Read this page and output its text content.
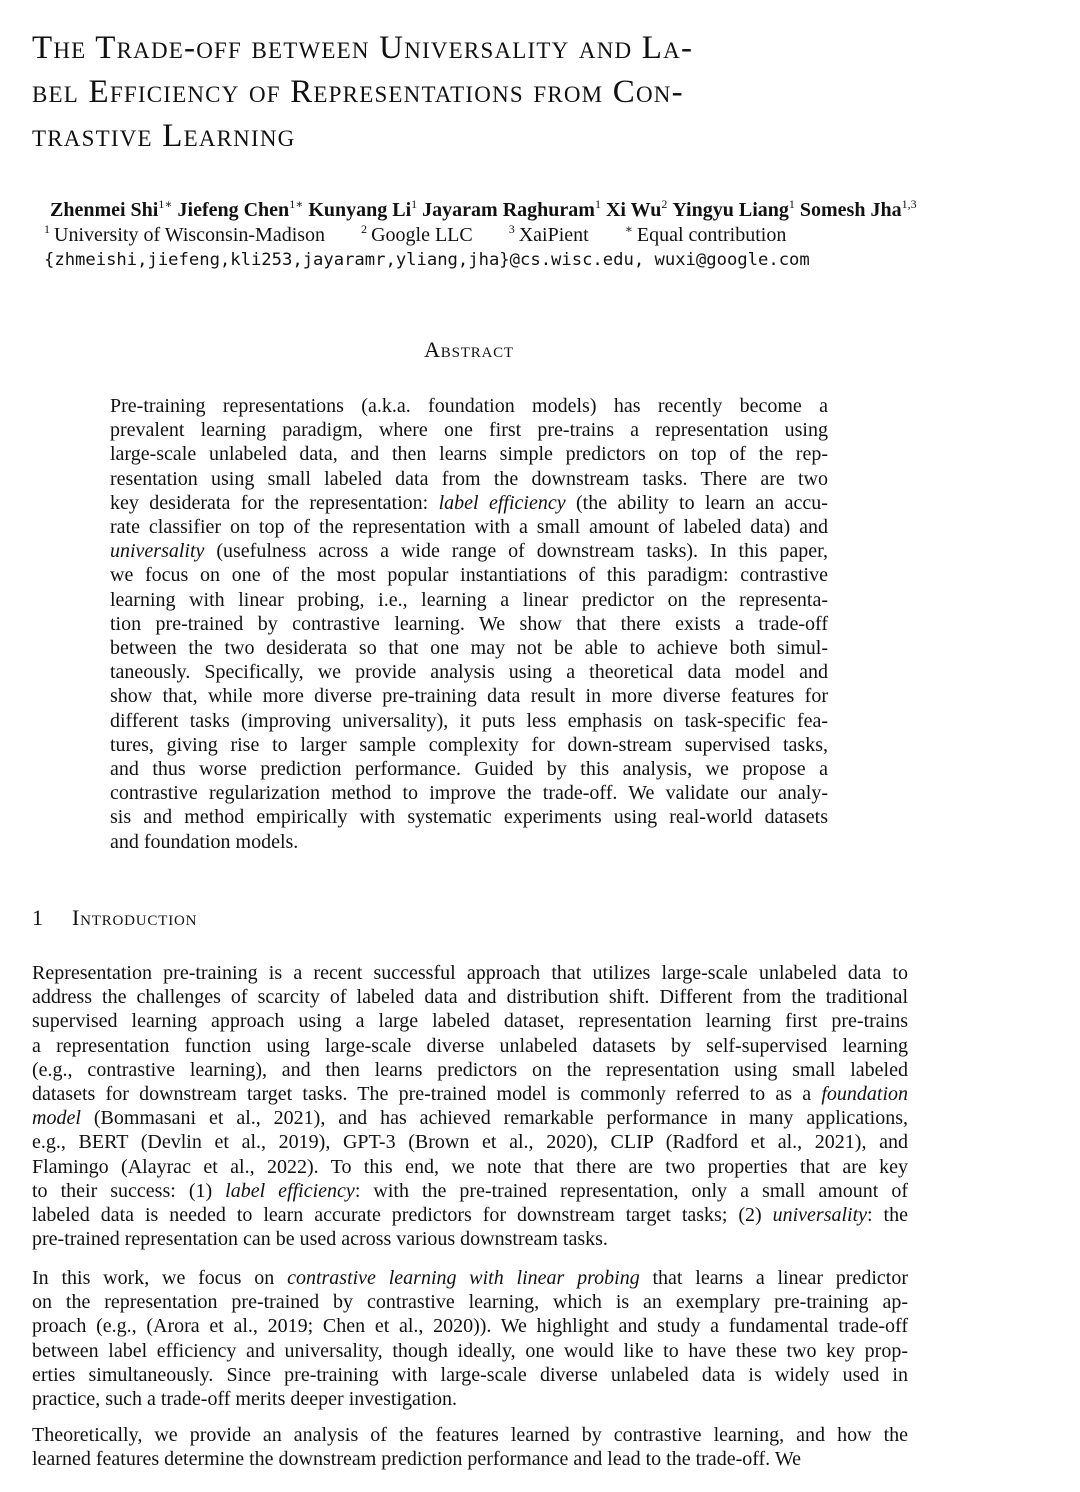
The Trade-off between Universality and La-
bel Efficiency of Representations from Con-
trastive Learning
Zhenmei Shi$^{1∗}$ Jiefeng Chen$^{1∗}$ Kunyang Li$^1$ Jayaram Raghuram$^1$ Xi Wu$^2$ Yingyu Liang$^1$ Somesh Jha$^{1,3}$
$^1$  University of Wisconsin-Madison	$^2$  Google LLC	$^3$  XaiPient	∗  Equal contribution
{zhmeishi,jiefeng,kli253,jayaramr,yliang,jha}@cs.wisc.edu, wuxi@google.com
Abstract
Pre-training representations (a.k.a. foundation models) has recently become a
prevalent learning paradigm, where one first pre-trains a representation using
large-scale unlabeled data, and then learns simple predictors on top of the rep-
resentation using small labeled data from the downstream tasks. There are two
key desiderata for the representation: label efficiency (the ability to learn an accu-
rate classifier on top of the representation with a small amount of labeled data) and
universality (usefulness across a wide range of downstream tasks). In this paper,
we focus on one of the most popular instantiations of this paradigm: contrastive
learning with linear probing, i.e., learning a linear predictor on the representa-
tion pre-trained by contrastive learning. We show that there exists a trade-off
between the two desiderata so that one may not be able to achieve both simul-
taneously. Specifically, we provide analysis using a theoretical data model and
show that, while more diverse pre-training data result in more diverse features for
different tasks (improving universality), it puts less emphasis on task-specific fea-
tures, giving rise to larger sample complexity for down-stream supervised tasks,
and thus worse prediction performance. Guided by this analysis, we propose a
contrastive regularization method to improve the trade-off. We validate our analy-
sis and method empirically with systematic experiments using real-world datasets
and foundation models.
1 Introduction
Representation pre-training is a recent successful approach that utilizes large-scale unlabeled data to
address the challenges of scarcity of labeled data and distribution shift. Different from the traditional
supervised learning approach using a large labeled dataset, representation learning first pre-trains
a representation function using large-scale diverse unlabeled datasets by self-supervised learning
(e.g., contrastive learning), and then learns predictors on the representation using small labeled
datasets for downstream target tasks. The pre-trained model is commonly referred to as a foundation
model (Bommasani et al., 2021), and has achieved remarkable performance in many applications,
e.g., BERT (Devlin et al., 2019), GPT-3 (Brown et al., 2020), CLIP (Radford et al., 2021), and
Flamingo (Alayrac et al., 2022). To this end, we note that there are two properties that are key
to their success: (1) label efficiency: with the pre-trained representation, only a small amount of
labeled data is needed to learn accurate predictors for downstream target tasks; (2) universality: the
pre-trained representation can be used across various downstream tasks.
In this work, we focus on contrastive learning with linear probing that learns a linear predictor
on the representation pre-trained by contrastive learning, which is an exemplary pre-training ap-
proach (e.g., (Arora et al., 2019; Chen et al., 2020)). We highlight and study a fundamental trade-off
between label efficiency and universality, though ideally, one would like to have these two key prop-
erties simultaneously. Since pre-training with large-scale diverse unlabeled data is widely used in
practice, such a trade-off merits deeper investigation.
Theoretically, we provide an analysis of the features learned by contrastive learning, and how the
learned features determine the downstream prediction performance and lead to the trade-off. We
